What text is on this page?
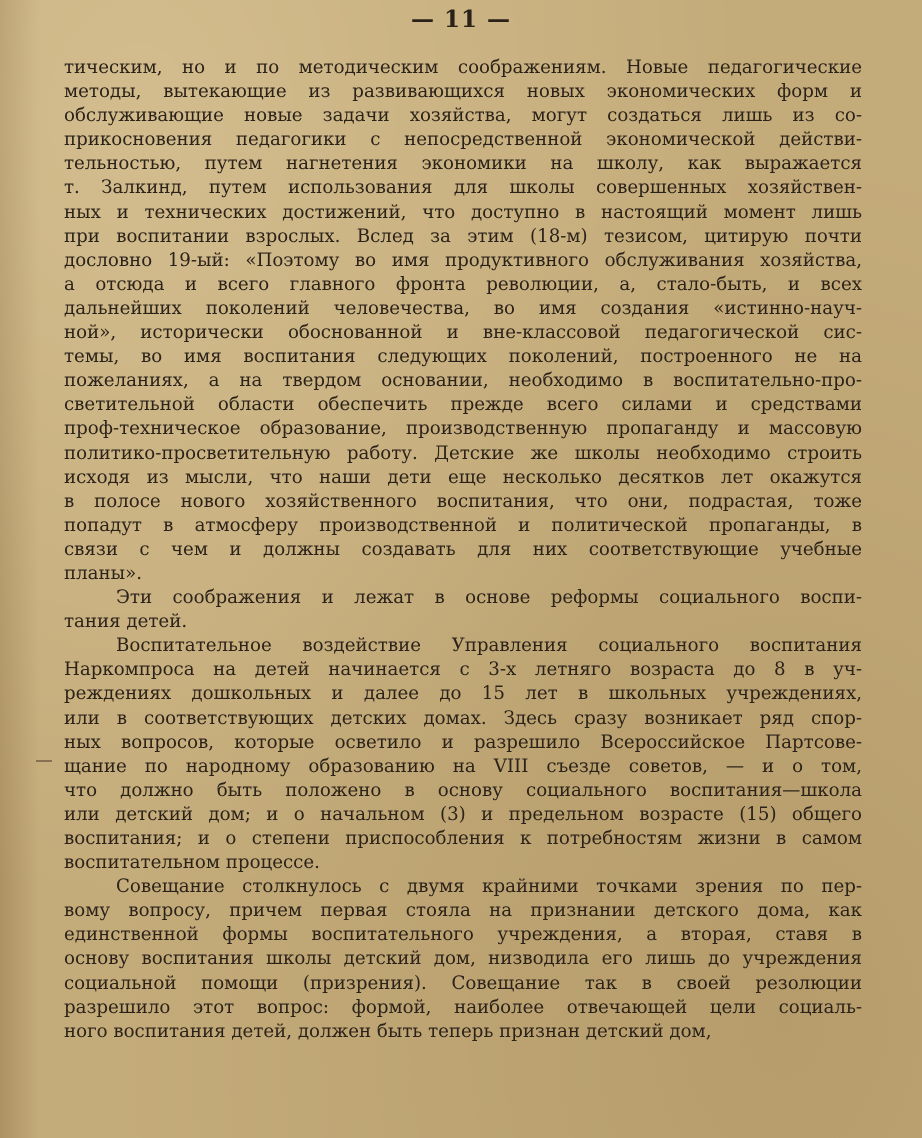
— 11 —
тическим, но и по методическим соображениям. Новые педагогические
методы, вытекающие из развивающихся новых экономических форм и
обслуживающие новые задачи хозяйства, могут создаться лишь из со-
прикосновения педагогики с непосредственной экономической действи-
тельностью, путем нагнетения экономики на школу, как выражается
т. Залкинд, путем использования для школы совершенных хозяйствен-
ных и технических достижений, что доступно в настоящий момент лишь
при воспитании взрослых. Вслед за этим (18-м) тезисом, цитирую почти
дословно 19-ый: «Поэтому во имя продуктивного обслуживания хозяйства,
а отсюда и всего главного фронта революции, а, стало-быть, и всех
дальнейших поколений человечества, во имя создания «истинно-науч-
ной», исторически обоснованной и вне-классовой педагогической сис-
темы, во имя воспитания следующих поколений, построенного не на
пожеланиях, а на твердом основании, необходимо в воспитательно-про-
светительной области обеспечить прежде всего силами и средствами
проф-техническое образование, производственную пропаганду и массовую
политико-просветительную работу. Детские же школы необходимо строить
исходя из мысли, что наши дети еще несколько десятков лет окажутся
в полосе нового хозяйственного воспитания, что они, подрастая, тоже
попадут в атмосферу производственной и политической пропаганды, в
связи с чем и должны создавать для них соответствующие учебные
планы».
Эти соображения и лежат в основе реформы социального воспи-
тания детей.
Воспитательное воздействие Управления социального воспитания
Наркомпроса на детей начинается с 3-х летняго возраста до 8 в уч-
реждениях дошкольных и далее до 15 лет в школьных учреждениях,
или в соответствующих детских домах. Здесь сразу возникает ряд спор-
ных вопросов, которые осветило и разрешило Всероссийское Партсове-
щание по народному образованию на VIII съезде советов, — и о том,
что должно быть положено в основу социального воспитания—школа
или детский дом; и о начальном (3) и предельном возрасте (15) общего
воспитания; и о степени приспособления к потребностям жизни в самом
воспитательном процессе.
Совещание столкнулось с двумя крайними точками зрения по пер-
вому вопросу, причем первая стояла на признании детского дома, как
единственной формы воспитательного учреждения, а вторая, ставя в
основу воспитания школы детский дом, низводила его лишь до учреждения
социальной помощи (призрения). Совещание так в своей резолюции
разрешило этот вопрос: формой, наиболее отвечающей цели социаль-
ного воспитания детей, должен быть теперь признан детский дом,
